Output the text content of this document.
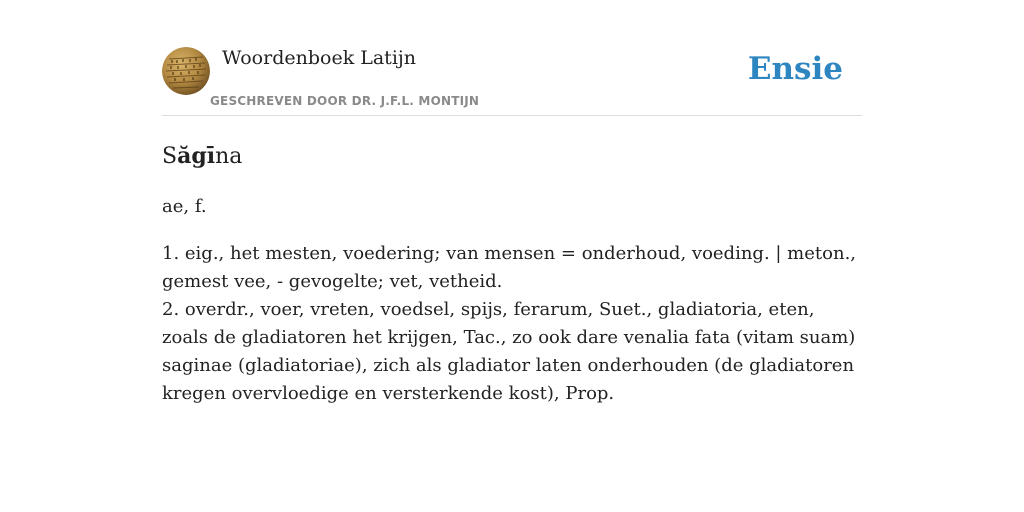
Woordenboek Latijn
GESCHREVEN DOOR DR. J.F.L. MONTIJN
Ensie
Săgīna
ae, f.

1. eig., het mesten, voedering; van mensen = onderhoud, voeding. | meton., gemest vee, - gevogelte; vet, vetheid.

2. overdr., voer, vreten, voedsel, spijs, ferarum, Suet., gladiatoria, eten, zoals de gladiatoren het krijgen, Tac., zo ook dare venalia fata (vitam suam) saginae (gladiatoriae), zich als gladiator laten onderhouden (de gladiatoren kregen overvloedige en versterkende kost), Prop.
